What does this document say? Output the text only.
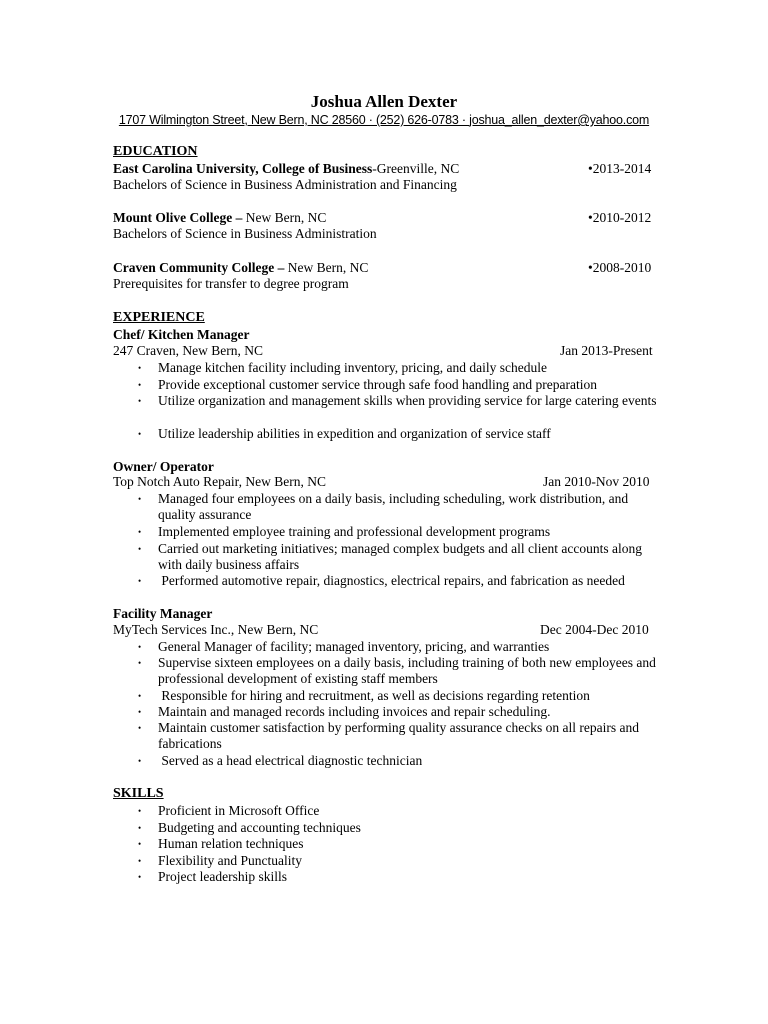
Joshua Allen Dexter
1707 Wilmington Street, New Bern, NC 28560 · (252) 626-0783 · joshua_allen_dexter@yahoo.com
EDUCATION
East Carolina University, College of Business-Greenville, NC	•2013-2014
Bachelors of Science in Business Administration and Financing
Mount Olive College – New Bern, NC	•2010-2012
Bachelors of Science in Business Administration
Craven Community College – New Bern, NC	•2008-2010
Prerequisites for transfer to degree program
EXPERIENCE
Chef/ Kitchen Manager
247 Craven, New Bern, NC	Jan 2013-Present
• Manage kitchen facility including inventory, pricing, and daily schedule
• Provide exceptional customer service through safe food handling and preparation
• Utilize organization and management skills when providing service for large catering events
• Utilize leadership abilities in expedition and organization of service staff
Owner/ Operator
Top Notch Auto Repair, New Bern, NC	Jan 2010-Nov 2010
• Managed four employees on a daily basis, including scheduling, work distribution, and quality assurance
• Implemented employee training and professional development programs
• Carried out marketing initiatives; managed complex budgets and all client accounts along with daily business affairs
• Performed automotive repair, diagnostics, electrical repairs, and fabrication as needed
Facility Manager
MyTech Services Inc., New Bern, NC	Dec 2004-Dec 2010
• General Manager of facility; managed inventory, pricing, and warranties
• Supervise sixteen employees on a daily basis, including training of both new employees and professional development of existing staff members
• Responsible for hiring and recruitment, as well as decisions regarding retention
• Maintain and managed records including invoices and repair scheduling.
• Maintain customer satisfaction by performing quality assurance checks on all repairs and fabrications
• Served as a head electrical diagnostic technician
SKILLS
• Proficient in Microsoft Office
• Budgeting and accounting techniques
• Human relation techniques
• Flexibility and Punctuality
• Project leadership skills
